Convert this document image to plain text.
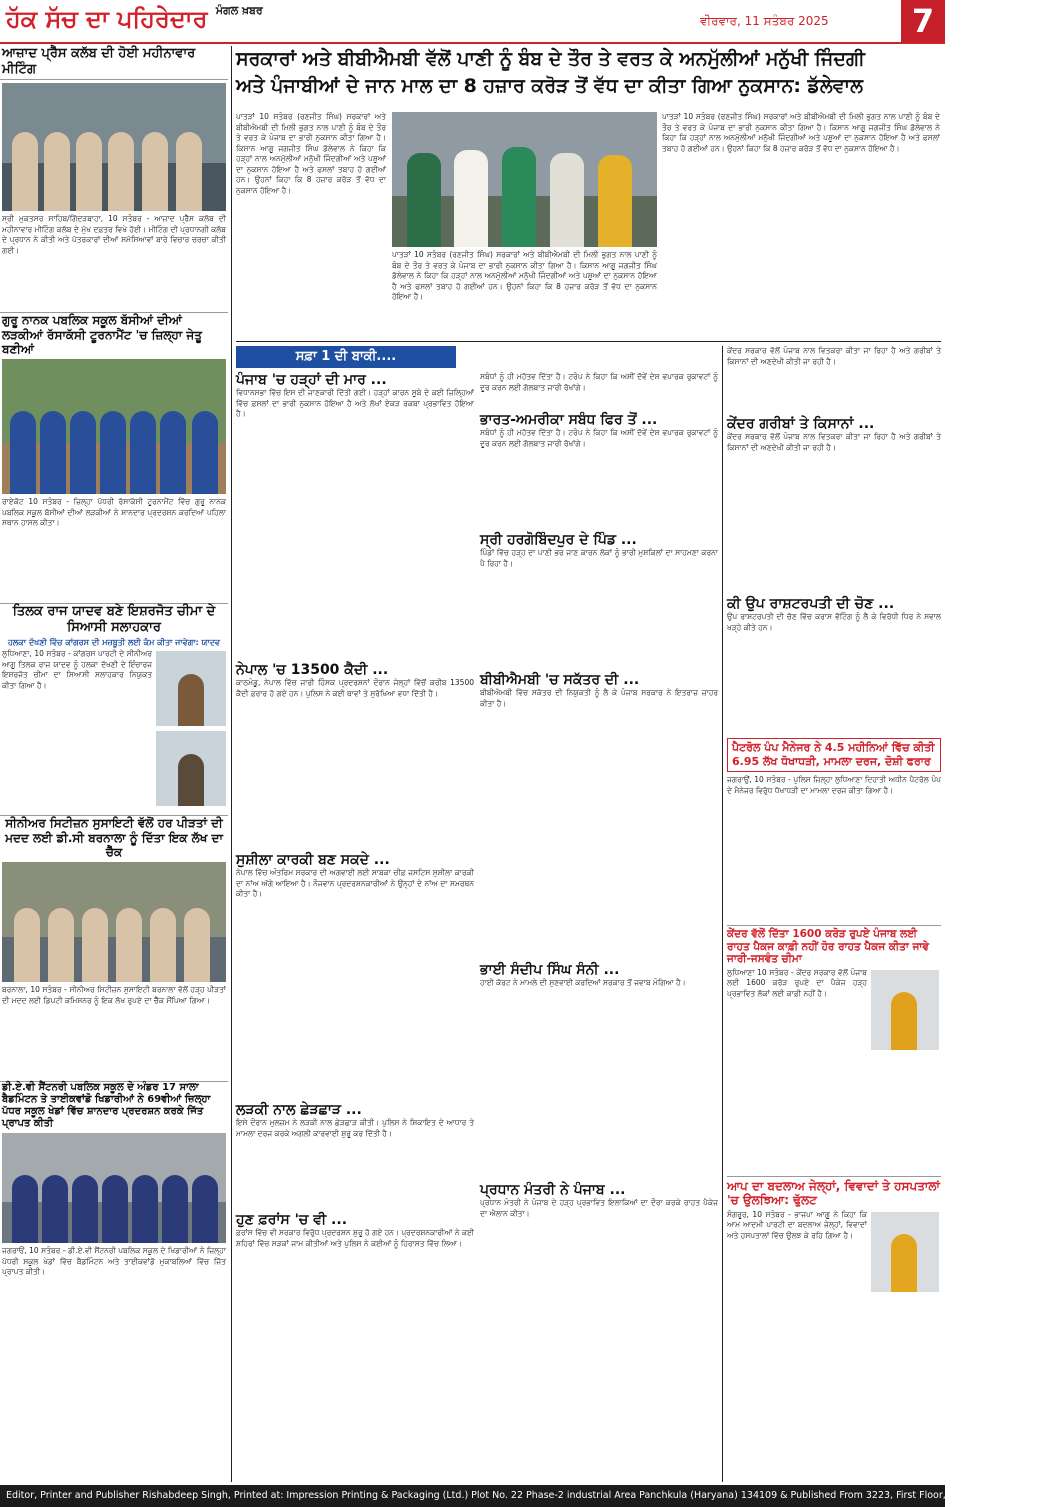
ਹੱਕ ਸੱਚ ਦਾ ਪਹਿਰੇਦਾਰ $^{ਮੰਗਲ ਖ਼ਬਰ}$
ਵੀਰਵਾਰ, 11 ਸਤੰਬਰ 2025	7
ਆਜ਼ਾਦ ਪ੍ਰੈੱਸ ਕਲੱਬ ਦੀ ਹੋਈ ਮਹੀਨਾਵਾਰ ਮੀਟਿੰਗ
ਸ੍ਰੀ ਮੁਕਤਸਰ ਸਾਹਿਬ/ਗਿੱਦੜਬਾਹਾ, 10 ਸਤੰਬਰ - ਆਜ਼ਾਦ ਪ੍ਰੈੱਸ ਕਲੱਬ ਦੀ ਮਹੀਨਾਵਾਰ ਮੀਟਿੰਗ ਕਲੱਬ ਦੇ ਮੁੱਖ ਦਫ਼ਤਰ ਵਿਖੇ ਹੋਈ। ਮੀਟਿੰਗ ਦੀ ਪ੍ਰਧਾਨਗੀ ਕਲੱਬ ਦੇ ਪ੍ਰਧਾਨ ਨੇ ਕੀਤੀ ਅਤੇ ਪੱਤਰਕਾਰਾਂ ਦੀਆਂ ਸਮੱਸਿਆਵਾਂ ਬਾਰੇ ਵਿਚਾਰ ਚਰਚਾ ਕੀਤੀ ਗਈ।
ਗੁਰੂ ਨਾਨਕ ਪਬਲਿਕ ਸਕੂਲ ਬੱਸੀਆਂ ਦੀਆਂ ਲੜਕੀਆਂ ਰੱਸਾਕੱਸੀ ਟੂਰਨਾਮੈਂਟ 'ਚ ਜ਼ਿਲ੍ਹਾ ਜੇਤੂ ਬਣੀਆਂ
ਰਾਏਕੋਟ 10 ਸਤੰਬਰ - ਜ਼ਿਲ੍ਹਾ ਪੱਧਰੀ ਰੱਸਾਕੱਸੀ ਟੂਰਨਾਮੈਂਟ ਵਿੱਚ ਗੁਰੂ ਨਾਨਕ ਪਬਲਿਕ ਸਕੂਲ ਬੱਸੀਆਂ ਦੀਆਂ ਲੜਕੀਆਂ ਨੇ ਸ਼ਾਨਦਾਰ ਪ੍ਰਦਰਸ਼ਨ ਕਰਦਿਆਂ ਪਹਿਲਾ ਸਥਾਨ ਹਾਸਲ ਕੀਤਾ।
ਤਿਲਕ ਰਾਜ ਯਾਦਵ ਬਣੇ ਇਸ਼ਰਜੋਤ ਚੀਮਾ ਦੇ ਸਿਆਸੀ ਸਲਾਹਕਾਰ
ਹਲਕਾ ਦੱਖਣੀ ਵਿੱਚ ਕਾਂਗਰਸ ਦੀ ਮਜ਼ਬੂਤੀ ਲਈ ਕੰਮ ਕੀਤਾ ਜਾਵੇਗਾ: ਯਾਦਵ
ਲੁਧਿਆਣਾ, 10 ਸਤੰਬਰ - ਕਾਂਗਰਸ ਪਾਰਟੀ ਦੇ ਸੀਨੀਅਰ ਆਗੂ ਤਿਲਕ ਰਾਜ ਯਾਦਵ ਨੂੰ ਹਲਕਾ ਦੱਖਣੀ ਦੇ ਇੰਚਾਰਜ ਇਸ਼ਰਜੋਤ ਚੀਮਾ ਦਾ ਸਿਆਸੀ ਸਲਾਹਕਾਰ ਨਿਯੁਕਤ ਕੀਤਾ ਗਿਆ ਹੈ।
ਸੀਨੀਅਰ ਸਿਟੀਜ਼ਨ ਸੁਸਾਇਟੀ ਵੱਲੋਂ ਹਰ ਪੀੜਤਾਂ ਦੀ ਮਦਦ ਲਈ ਡੀ.ਸੀ ਬਰਨਾਲਾ ਨੂੰ ਦਿੱਤਾ ਇਕ ਲੱਖ ਦਾ ਚੈੱਕ
ਬਰਨਾਲਾ, 10 ਸਤੰਬਰ - ਸੀਨੀਅਰ ਸਿਟੀਜ਼ਨ ਸੁਸਾਇਟੀ ਬਰਨਾਲਾ ਵੱਲੋਂ ਹੜ੍ਹ ਪੀੜਤਾਂ ਦੀ ਮਦਦ ਲਈ ਡਿਪਟੀ ਕਮਿਸ਼ਨਰ ਨੂੰ ਇਕ ਲੱਖ ਰੁਪਏ ਦਾ ਚੈੱਕ ਸੌਂਪਿਆ ਗਿਆ।
ਡੀ.ਏ.ਵੀ ਸੈਂਟਨਰੀ ਪਬਲਿਕ ਸਕੂਲ ਦੇ ਅੰਡਰ 17 ਸਾਲਾ ਬੈਡਮਿੰਟਨ ਤੇ ਤਾਈਕਵਾਂਡੋ ਖਿਡਾਰੀਆਂ ਨੇ 69ਵੀਆਂ ਜ਼ਿਲ੍ਹਾ ਪੱਧਰ ਸਕੂਲ ਖੇਡਾਂ ਵਿੱਚ ਸ਼ਾਨਦਾਰ ਪ੍ਰਦਰਸ਼ਨ ਕਰਕੇ ਜਿੱਤ ਪ੍ਰਾਪਤ ਕੀਤੀ
ਜਗਰਾਓਂ, 10 ਸਤੰਬਰ - ਡੀ.ਏ.ਵੀ ਸੈਂਟਨਰੀ ਪਬਲਿਕ ਸਕੂਲ ਦੇ ਖਿਡਾਰੀਆਂ ਨੇ ਜ਼ਿਲ੍ਹਾ ਪੱਧਰੀ ਸਕੂਲ ਖੇਡਾਂ ਵਿੱਚ ਬੈਡਮਿੰਟਨ ਅਤੇ ਤਾਈਕਵਾਂਡੋ ਮੁਕਾਬਲਿਆਂ ਵਿੱਚ ਜਿੱਤ ਪ੍ਰਾਪਤ ਕੀਤੀ।
ਸਰਕਾਰਾਂ ਅਤੇ ਬੀਬੀਐਮਬੀ ਵੱਲੋਂ ਪਾਣੀ ਨੂੰ ਬੰਬ ਦੇ ਤੌਰ ਤੇ ਵਰਤ ਕੇ ਅਨਮੁੱਲੀਆਂ ਮਨੁੱਖੀ ਜਿੰਦਗੀ
ਅਤੇ ਪੰਜਾਬੀਆਂ ਦੇ ਜਾਨ ਮਾਲ ਦਾ 8 ਹਜ਼ਾਰ ਕਰੋੜ ਤੋਂ ਵੱਧ ਦਾ ਕੀਤਾ ਗਿਆ ਨੁਕਸਾਨ: ਡੱਲੇਵਾਲ
ਪਾਤੜਾਂ 10 ਸਤੰਬਰ (ਰਣਜੀਤ ਸਿੰਘ) ਸਰਕਾਰਾਂ ਅਤੇ ਬੀਬੀਐਮਬੀ ਦੀ ਮਿਲੀ ਭੁਗਤ ਨਾਲ ਪਾਣੀ ਨੂੰ ਬੰਬ ਦੇ ਤੌਰ ਤੇ ਵਰਤ ਕੇ ਪੰਜਾਬ ਦਾ ਭਾਰੀ ਨੁਕਸਾਨ ਕੀਤਾ ਗਿਆ ਹੈ। ਕਿਸਾਨ ਆਗੂ ਜਗਜੀਤ ਸਿੰਘ ਡੱਲੇਵਾਲ ਨੇ ਕਿਹਾ ਕਿ ਹੜ੍ਹਾਂ ਨਾਲ ਅਨਮੁੱਲੀਆਂ ਮਨੁੱਖੀ ਜਿੰਦਗੀਆਂ ਅਤੇ ਪਸ਼ੂਆਂ ਦਾ ਨੁਕਸਾਨ ਹੋਇਆ ਹੈ ਅਤੇ ਫਸਲਾਂ ਤਬਾਹ ਹੋ ਗਈਆਂ ਹਨ। ਉਹਨਾਂ ਕਿਹਾ ਕਿ 8 ਹਜ਼ਾਰ ਕਰੋੜ ਤੋਂ ਵੱਧ ਦਾ ਨੁਕਸਾਨ ਹੋਇਆ ਹੈ।
ਪਾਤੜਾਂ 10 ਸਤੰਬਰ (ਰਣਜੀਤ ਸਿੰਘ) ਸਰਕਾਰਾਂ ਅਤੇ ਬੀਬੀਐਮਬੀ ਦੀ ਮਿਲੀ ਭੁਗਤ ਨਾਲ ਪਾਣੀ ਨੂੰ ਬੰਬ ਦੇ ਤੌਰ ਤੇ ਵਰਤ ਕੇ ਪੰਜਾਬ ਦਾ ਭਾਰੀ ਨੁਕਸਾਨ ਕੀਤਾ ਗਿਆ ਹੈ। ਕਿਸਾਨ ਆਗੂ ਜਗਜੀਤ ਸਿੰਘ ਡੱਲੇਵਾਲ ਨੇ ਕਿਹਾ ਕਿ ਹੜ੍ਹਾਂ ਨਾਲ ਅਨਮੁੱਲੀਆਂ ਮਨੁੱਖੀ ਜਿੰਦਗੀਆਂ ਅਤੇ ਪਸ਼ੂਆਂ ਦਾ ਨੁਕਸਾਨ ਹੋਇਆ ਹੈ ਅਤੇ ਫਸਲਾਂ ਤਬਾਹ ਹੋ ਗਈਆਂ ਹਨ। ਉਹਨਾਂ ਕਿਹਾ ਕਿ 8 ਹਜ਼ਾਰ ਕਰੋੜ ਤੋਂ ਵੱਧ ਦਾ ਨੁਕਸਾਨ ਹੋਇਆ ਹੈ।
ਪਾਤੜਾਂ 10 ਸਤੰਬਰ (ਰਣਜੀਤ ਸਿੰਘ) ਸਰਕਾਰਾਂ ਅਤੇ ਬੀਬੀਐਮਬੀ ਦੀ ਮਿਲੀ ਭੁਗਤ ਨਾਲ ਪਾਣੀ ਨੂੰ ਬੰਬ ਦੇ ਤੌਰ ਤੇ ਵਰਤ ਕੇ ਪੰਜਾਬ ਦਾ ਭਾਰੀ ਨੁਕਸਾਨ ਕੀਤਾ ਗਿਆ ਹੈ। ਕਿਸਾਨ ਆਗੂ ਜਗਜੀਤ ਸਿੰਘ ਡੱਲੇਵਾਲ ਨੇ ਕਿਹਾ ਕਿ ਹੜ੍ਹਾਂ ਨਾਲ ਅਨਮੁੱਲੀਆਂ ਮਨੁੱਖੀ ਜਿੰਦਗੀਆਂ ਅਤੇ ਪਸ਼ੂਆਂ ਦਾ ਨੁਕਸਾਨ ਹੋਇਆ ਹੈ ਅਤੇ ਫਸਲਾਂ ਤਬਾਹ ਹੋ ਗਈਆਂ ਹਨ। ਉਹਨਾਂ ਕਿਹਾ ਕਿ 8 ਹਜ਼ਾਰ ਕਰੋੜ ਤੋਂ ਵੱਧ ਦਾ ਨੁਕਸਾਨ ਹੋਇਆ ਹੈ।
ਸਫ਼ਾ 1 ਦੀ ਬਾਕੀ....
ਪੰਜਾਬ 'ਚ ਹੜ੍ਹਾਂ ਦੀ ਮਾਰ ...
ਵਿਧਾਨਸਭਾ ਵਿੱਚ ਇਸ ਦੀ ਜਾਣਕਾਰੀ ਦਿੱਤੀ ਗਈ। ਹੜ੍ਹਾਂ ਕਾਰਨ ਸੂਬੇ ਦੇ ਕਈ ਜ਼ਿਲ੍ਹਿਆਂ ਵਿੱਚ ਫ਼ਸਲਾਂ ਦਾ ਭਾਰੀ ਨੁਕਸਾਨ ਹੋਇਆ ਹੈ ਅਤੇ ਲੱਖਾਂ ਏਕੜ ਰਕਬਾ ਪ੍ਰਭਾਵਿਤ ਹੋਇਆ ਹੈ।
ਨੇਪਾਲ 'ਚ 13500 ਕੈਦੀ ...
ਕਾਠਮੰਡੂ, ਨੇਪਾਲ ਵਿੱਚ ਜਾਰੀ ਹਿੰਸਕ ਪ੍ਰਦਰਸ਼ਨਾਂ ਦੌਰਾਨ ਜੇਲ੍ਹਾਂ ਵਿੱਚੋਂ ਕਰੀਬ 13500 ਕੈਦੀ ਫ਼ਰਾਰ ਹੋ ਗਏ ਹਨ। ਪੁਲਿਸ ਨੇ ਕਈ ਥਾਵਾਂ ਤੇ ਸੁਰੱਖਿਆ ਵਧਾ ਦਿੱਤੀ ਹੈ।
ਸੁਸ਼ੀਲਾ ਕਾਰਕੀ ਬਣ ਸਕਦੇ ...
ਨੇਪਾਲ ਵਿੱਚ ਅੰਤਰਿਮ ਸਰਕਾਰ ਦੀ ਅਗਵਾਈ ਲਈ ਸਾਬਕਾ ਚੀਫ਼ ਜਸਟਿਸ ਸੁਸ਼ੀਲਾ ਕਾਰਕੀ ਦਾ ਨਾਂਅ ਅੱਗੇ ਆਇਆ ਹੈ। ਨੌਜਵਾਨ ਪ੍ਰਦਰਸ਼ਨਕਾਰੀਆਂ ਨੇ ਉਨ੍ਹਾਂ ਦੇ ਨਾਂਅ ਦਾ ਸਮਰਥਨ ਕੀਤਾ ਹੈ।
ਲੜਕੀ ਨਾਲ ਛੇੜਛਾੜ ...
ਇਸੇ ਦੌਰਾਨ ਮੁਲਜ਼ਮ ਨੇ ਲੜਕੀ ਨਾਲ ਛੇੜਛਾੜ ਕੀਤੀ। ਪੁਲਿਸ ਨੇ ਸ਼ਿਕਾਇਤ ਦੇ ਆਧਾਰ ਤੇ ਮਾਮਲਾ ਦਰਜ ਕਰਕੇ ਅਗਲੀ ਕਾਰਵਾਈ ਸ਼ੁਰੂ ਕਰ ਦਿੱਤੀ ਹੈ।
ਹੁਣ ਫ਼ਰਾਂਸ 'ਚ ਵੀ ...
ਫ਼ਰਾਂਸ ਵਿੱਚ ਵੀ ਸਰਕਾਰ ਵਿਰੁੱਧ ਪ੍ਰਦਰਸ਼ਨ ਸ਼ੁਰੂ ਹੋ ਗਏ ਹਨ। ਪ੍ਰਦਰਸ਼ਨਕਾਰੀਆਂ ਨੇ ਕਈ ਸ਼ਹਿਰਾਂ ਵਿੱਚ ਸੜਕਾਂ ਜਾਮ ਕੀਤੀਆਂ ਅਤੇ ਪੁਲਿਸ ਨੇ ਕਈਆਂ ਨੂੰ ਹਿਰਾਸਤ ਵਿੱਚ ਲਿਆ।
ਸਬੰਧਾਂ ਨੂੰ ਹੀ ਮਹੱਤਵ ਦਿੱਤਾ ਹੈ। ਟਰੰਪ ਨੇ ਕਿਹਾ ਕਿ ਅਸੀਂ ਦੋਵੇਂ ਦੇਸ਼ ਵਪਾਰਕ ਰੁਕਾਵਟਾਂ ਨੂੰ ਦੂਰ ਕਰਨ ਲਈ ਗੱਲਬਾਤ ਜਾਰੀ ਰੱਖਾਂਗੇ।
ਭਾਰਤ-ਅਮਰੀਕਾ ਸਬੰਧ ਫਿਰ ਤੋਂ ...
ਸਬੰਧਾਂ ਨੂੰ ਹੀ ਮਹੱਤਵ ਦਿੱਤਾ ਹੈ। ਟਰੰਪ ਨੇ ਕਿਹਾ ਕਿ ਅਸੀਂ ਦੋਵੇਂ ਦੇਸ਼ ਵਪਾਰਕ ਰੁਕਾਵਟਾਂ ਨੂੰ ਦੂਰ ਕਰਨ ਲਈ ਗੱਲਬਾਤ ਜਾਰੀ ਰੱਖਾਂਗੇ।
ਸ੍ਰੀ ਹਰਗੋਬਿੰਦਪੁਰ ਦੇ ਪਿੰਡ ...
ਪਿੰਡਾਂ ਵਿੱਚ ਹੜ੍ਹ ਦਾ ਪਾਣੀ ਭਰ ਜਾਣ ਕਾਰਨ ਲੋਕਾਂ ਨੂੰ ਭਾਰੀ ਮੁਸ਼ਕਿਲਾਂ ਦਾ ਸਾਹਮਣਾ ਕਰਨਾ ਪੈ ਰਿਹਾ ਹੈ।
ਬੀਬੀਐਮਬੀ 'ਚ ਸਕੱਤਰ ਦੀ ...
ਬੀਬੀਐਮਬੀ ਵਿੱਚ ਸਕੱਤਰ ਦੀ ਨਿਯੁਕਤੀ ਨੂੰ ਲੈ ਕੇ ਪੰਜਾਬ ਸਰਕਾਰ ਨੇ ਇਤਰਾਜ਼ ਜ਼ਾਹਰ ਕੀਤਾ ਹੈ।
ਭਾਈ ਸੰਦੀਪ ਸਿੰਘ ਸੰਨੀ ...
ਹਾਈ ਕੋਰਟ ਨੇ ਮਾਮਲੇ ਦੀ ਸੁਣਵਾਈ ਕਰਦਿਆਂ ਸਰਕਾਰ ਤੋਂ ਜਵਾਬ ਮੰਗਿਆ ਹੈ।
ਪ੍ਰਧਾਨ ਮੰਤਰੀ ਨੇ ਪੰਜਾਬ ...
ਪ੍ਰਧਾਨ ਮੰਤਰੀ ਨੇ ਪੰਜਾਬ ਦੇ ਹੜ੍ਹ ਪ੍ਰਭਾਵਿਤ ਇਲਾਕਿਆਂ ਦਾ ਦੌਰਾ ਕਰਕੇ ਰਾਹਤ ਪੈਕੇਜ ਦਾ ਐਲਾਨ ਕੀਤਾ।
ਕੇਂਦਰ ਸਰਕਾਰ ਵੱਲੋਂ ਪੰਜਾਬ ਨਾਲ ਵਿਤਕਰਾ ਕੀਤਾ ਜਾ ਰਿਹਾ ਹੈ ਅਤੇ ਗਰੀਬਾਂ ਤੇ ਕਿਸਾਨਾਂ ਦੀ ਅਣਦੇਖੀ ਕੀਤੀ ਜਾ ਰਹੀ ਹੈ।
ਕੇਂਦਰ ਗਰੀਬਾਂ ਤੇ ਕਿਸਾਨਾਂ ...
ਕੇਂਦਰ ਸਰਕਾਰ ਵੱਲੋਂ ਪੰਜਾਬ ਨਾਲ ਵਿਤਕਰਾ ਕੀਤਾ ਜਾ ਰਿਹਾ ਹੈ ਅਤੇ ਗਰੀਬਾਂ ਤੇ ਕਿਸਾਨਾਂ ਦੀ ਅਣਦੇਖੀ ਕੀਤੀ ਜਾ ਰਹੀ ਹੈ।
ਕੀ ਉਪ ਰਾਸ਼ਟਰਪਤੀ ਦੀ ਚੋਣ ...
ਉਪ ਰਾਸ਼ਟਰਪਤੀ ਦੀ ਚੋਣ ਵਿੱਚ ਕਰਾਸ ਵੋਟਿੰਗ ਨੂੰ ਲੈ ਕੇ ਵਿਰੋਧੀ ਧਿਰ ਨੇ ਸਵਾਲ ਖੜ੍ਹੇ ਕੀਤੇ ਹਨ।
ਪੈਟਰੋਲ ਪੰਪ ਮੈਨੇਜਰ ਨੇ 4.5 ਮਹੀਨਿਆਂ ਵਿੱਚ ਕੀਤੀ 6.95 ਲੱਖ ਧੋਖਾਧੜੀ, ਮਾਮਲਾ ਦਰਜ, ਦੋਸ਼ੀ ਫਰਾਰ
ਜਗਰਾਉਂ, 10 ਸਤੰਬਰ - ਪੁਲਿਸ ਜ਼ਿਲ੍ਹਾ ਲੁਧਿਆਣਾ ਦਿਹਾਤੀ ਅਧੀਨ ਪੈਟਰੋਲ ਪੰਪ ਦੇ ਮੈਨੇਜਰ ਵਿਰੁੱਧ ਧੋਖਾਧੜੀ ਦਾ ਮਾਮਲਾ ਦਰਜ ਕੀਤਾ ਗਿਆ ਹੈ।
ਕੇਂਦਰ ਵੱਲੋਂ ਦਿੱਤਾ 1600 ਕਰੋੜ ਰੁਪਏ ਪੰਜਾਬ ਲਈ ਰਾਹਤ ਪੈਕਜ ਕਾਫ਼ੀ ਨਹੀਂ ਹੋਰ ਰਾਹਤ ਪੈਕਜ ਕੀਤਾ ਜਾਵੇ ਜਾਰੀ-ਜਸਵੰਤ ਚੀਮਾ
ਲੁਧਿਆਣਾ 10 ਸਤੰਬਰ - ਕੇਂਦਰ ਸਰਕਾਰ ਵੱਲੋਂ ਪੰਜਾਬ ਲਈ 1600 ਕਰੋੜ ਰੁਪਏ ਦਾ ਪੈਕੇਜ ਹੜ੍ਹ ਪ੍ਰਭਾਵਿਤ ਲੋਕਾਂ ਲਈ ਕਾਫ਼ੀ ਨਹੀਂ ਹੈ।
ਆਪ ਦਾ ਬਦਲਾਅ ਜੇਲ੍ਹਾਂ, ਵਿਵਾਦਾਂ ਤੇ ਹਸਪਤਾਲਾਂ 'ਚ ਉਲਝਿਆ: ਢੁੱਲਟ
ਸੰਗਰੂਰ, 10 ਸਤੰਬਰ - ਭਾਜਪਾ ਆਗੂ ਨੇ ਕਿਹਾ ਕਿ ਆਮ ਆਦਮੀ ਪਾਰਟੀ ਦਾ ਬਦਲਾਅ ਜੇਲ੍ਹਾਂ, ਵਿਵਾਦਾਂ ਅਤੇ ਹਸਪਤਾਲਾਂ ਵਿੱਚ ਉਲਝ ਕੇ ਰਹਿ ਗਿਆ ਹੈ।
Editor, Printer and Publisher Rishabdeep Singh, Printed at: Impression Printing & Packaging (Ltd.) Plot No. 22 Phase-2 industrial Area Panchkula (Haryana) 134109 & Published From 3223, First Floor, Sector-35D, Chandigarh
